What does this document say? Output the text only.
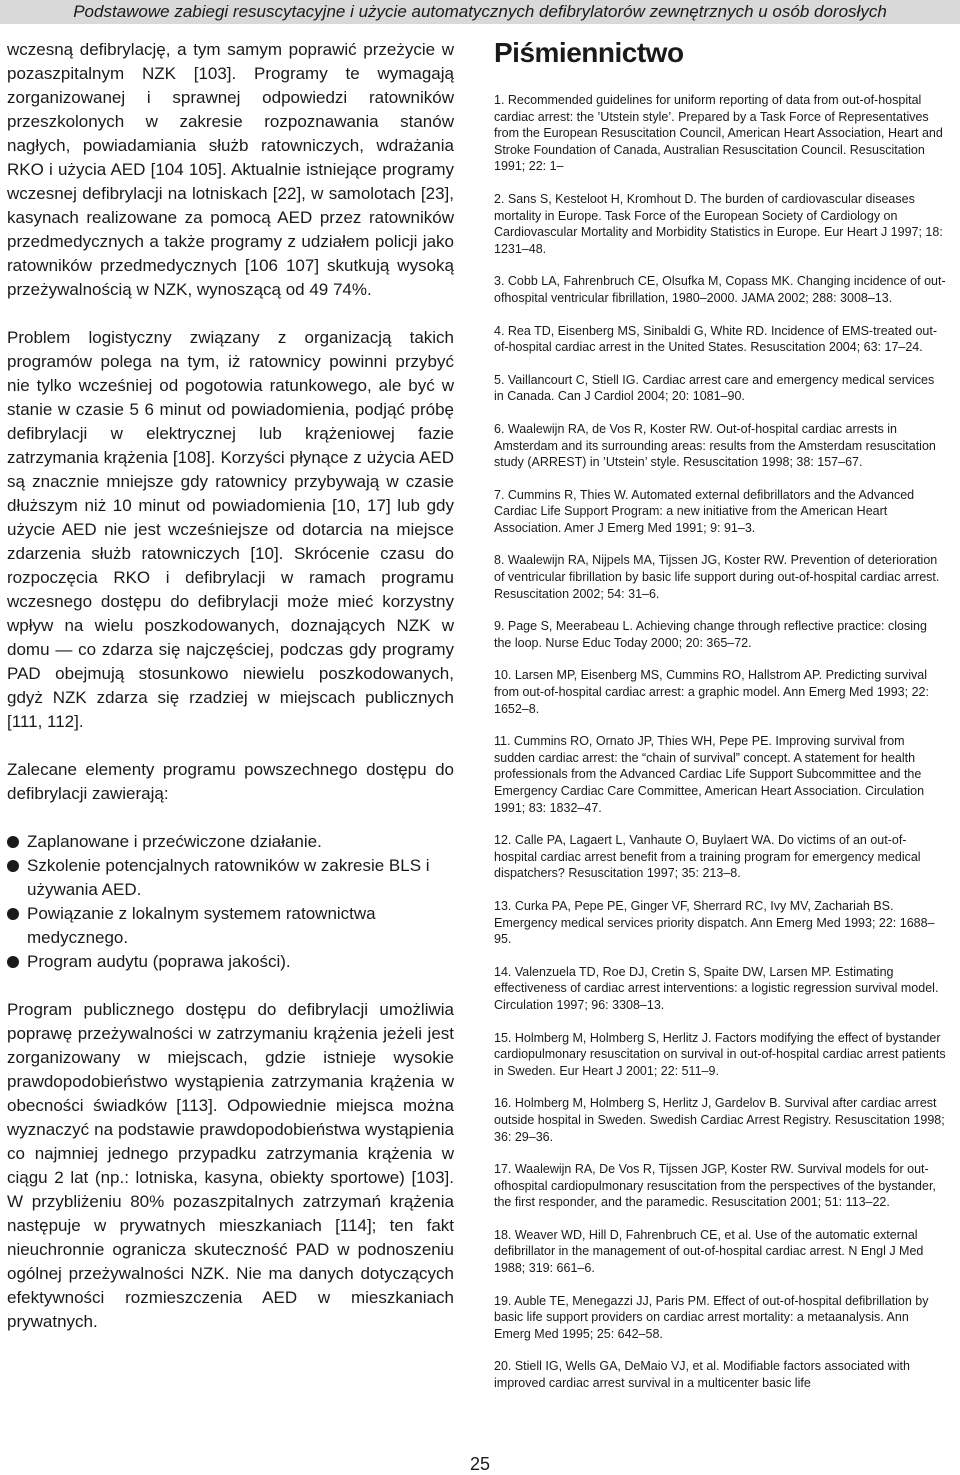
Podstawowe zabiegi resuscytacyjne i użycie automatycznych defibrylatorów zewnętrznych u osób dorosłych

wczesną defibrylację, a tym samym poprawić przeżycie w pozaszpitalnym NZK [103]. Programy te wymagają zorganizowanej i sprawnej odpowiedzi ratowników przeszkolonych w zakresie rozpoznawania stanów nagłych, powiadamiania służb ratowniczych, wdrażania RKO i użycia AED [104 105]. Aktualnie istniejące programy wczesnej defibrylacji na lotniskach [22], w samolotach [23], kasynach realizowane za pomocą AED przez ratowników przedmedycznych a także programy z udziałem policji jako ratowników przedmedycznych [106 107] skutkują wysoką przeżywalnością w NZK, wynoszącą od 49 74%.

Problem logistyczny związany z organizacją takich programów polega na tym, iż ratownicy powinni przybyć nie tylko wcześniej od pogotowia ratunkowego, ale być w stanie w czasie 5 6 minut od powiadomienia, podjąć próbę defibrylacji w elektrycznej lub krążeniowej fazie zatrzymania krążenia [108]. Korzyści płynące z użycia AED są znacznie mniejsze gdy ratownicy przybywają w czasie dłuższym niż 10 minut od powiadomienia [10, 17] lub gdy użycie AED nie jest wcześniejsze od dotarcia na miejsce zdarzenia służb ratowniczych [10]. Skrócenie czasu do rozpoczęcia RKO i defibrylacji w ramach programu wczesnego dostępu do defibrylacji może mieć korzystny wpływ na wielu poszkodowanych, doznających NZK w domu — co zdarza się najczęściej, podczas gdy programy PAD obejmują stosunkowo niewielu poszkodowanych, gdyż NZK zdarza się rzadziej w miejscach publicznych [111, 112].

Zalecane elementy programu powszechnego dostępu do defibrylacji zawierają:

Zaplanowane i przećwiczone działanie.
Szkolenie potencjalnych ratowników w zakresie BLS i używania AED.
Powiązanie z lokalnym systemem ratownictwa medycznego.
Program audytu (poprawa jakości).

Program publicznego dostępu do defibrylacji umożliwia poprawę przeżywalności w zatrzymaniu krążenia jeżeli jest zorganizowany w miejscach, gdzie istnieje wysokie prawdopodobieństwo wystąpienia zatrzymania krążenia w obecności świadków [113]. Odpowiednie miejsca można wyznaczyć na podstawie prawdopodobieństwa wystąpienia co najmniej jednego przypadku zatrzymania krążenia w ciągu 2 lat (np.: lotniska, kasyna, obiekty sportowe) [103]. W przybliżeniu 80% pozaszpitalnych zatrzymań krążenia następuje w prywatnych mieszkaniach [114]; ten fakt nieuchronnie ogranicza skuteczność PAD w podnoszeniu ogólnej przeżywalności NZK. Nie ma danych dotyczących efektywności rozmieszczenia AED w mieszkaniach prywatnych.

Piśmiennictwo
1. Recommended guidelines for uniform reporting of data from out-of-hospital cardiac arrest: the ’Utstein style’. Prepared by a Task Force of Representatives from the European Resuscitation Council, American Heart Association, Heart and Stroke Foundation of Canada, Australian Resuscitation Council. Resuscitation 1991; 22: 1–
2. Sans S, Kesteloot H, Kromhout D. The burden of cardiovascular diseases mortality in Europe. Task Force of the European Society of Cardiology on Cardiovascular Mortality and Morbidity Statistics in Europe. Eur Heart J 1997; 18: 1231–48.
3. Cobb LA, Fahrenbruch CE, Olsufka M, Copass MK. Changing incidence of out-ofhospital ventricular fibrillation, 1980–2000. JAMA 2002; 288: 3008–13.
4. Rea TD, Eisenberg MS, Sinibaldi G, White RD. Incidence of EMS-treated out-of-hospital cardiac arrest in the United States. Resuscitation 2004; 63: 17–24.
5. Vaillancourt C, Stiell IG. Cardiac arrest care and emergency medical services in Canada. Can J Cardiol 2004; 20: 1081–90.
6. Waalewijn RA, de Vos R, Koster RW. Out-of-hospital cardiac arrests in Amsterdam and its surrounding areas: results from the Amsterdam resuscitation study (ARREST) in ’Utstein’ style. Resuscitation 1998; 38: 157–67.
7. Cummins R, Thies W. Automated external defibrillators and the Advanced Cardiac Life Support Program: a new initiative from the American Heart Association. Amer J Emerg Med 1991; 9: 91–3.
8. Waalewijn RA, Nijpels MA, Tijssen JG, Koster RW. Prevention of deterioration of ventricular fibrillation by basic life support during out-of-hospital cardiac arrest. Resuscitation 2002; 54: 31–6.
9. Page S, Meerabeau L. Achieving change through reflective practice: closing the loop. Nurse Educ Today 2000; 20: 365–72.
10. Larsen MP, Eisenberg MS, Cummins RO, Hallstrom AP. Predicting survival from out-of-hospital cardiac arrest: a graphic model. Ann Emerg Med 1993; 22: 1652–8.
11. Cummins RO, Ornato JP, Thies WH, Pepe PE. Improving survival from sudden cardiac arrest: the “chain of survival” concept. A statement for health professionals from the Advanced Cardiac Life Support Subcommittee and the Emergency Cardiac Care Committee, American Heart Association. Circulation 1991; 83: 1832–47.
12. Calle PA, Lagaert L, Vanhaute O, Buylaert WA. Do victims of an out-of-hospital cardiac arrest benefit from a training program for emergency medical dispatchers? Resuscitation 1997; 35: 213–8.
13. Curka PA, Pepe PE, Ginger VF, Sherrard RC, Ivy MV, Zachariah BS. Emergency medical services priority dispatch. Ann Emerg Med 1993; 22: 1688–95.
14. Valenzuela TD, Roe DJ, Cretin S, Spaite DW, Larsen MP. Estimating effectiveness of cardiac arrest interventions: a logistic regression survival model. Circulation 1997; 96: 3308–13.
15. Holmberg M, Holmberg S, Herlitz J. Factors modifying the effect of bystander cardiopulmonary resuscitation on survival in out-of-hospital cardiac arrest patients in Sweden. Eur Heart J 2001; 22: 511–9.
16. Holmberg M, Holmberg S, Herlitz J, Gardelov B. Survival after cardiac arrest outside hospital in Sweden. Swedish Cardiac Arrest Registry. Resuscitation 1998; 36: 29–36.
17. Waalewijn RA, De Vos R, Tijssen JGP, Koster RW. Survival models for out-ofhospital cardiopulmonary resuscitation from the perspectives of the bystander, the first responder, and the paramedic. Resuscitation 2001; 51: 113–22.
18. Weaver WD, Hill D, Fahrenbruch CE, et al. Use of the automatic external defibrillator in the management of out-of-hospital cardiac arrest. N Engl J Med 1988; 319: 661–6.
19. Auble TE, Menegazzi JJ, Paris PM. Effect of out-of-hospital defibrillation by basic life support providers on cardiac arrest mortality: a metaanalysis. Ann Emerg Med 1995; 25: 642–58.
20. Stiell IG, Wells GA, DeMaio VJ, et al. Modifiable factors associated with improved cardiac arrest survival in a multicenter basic life
25
